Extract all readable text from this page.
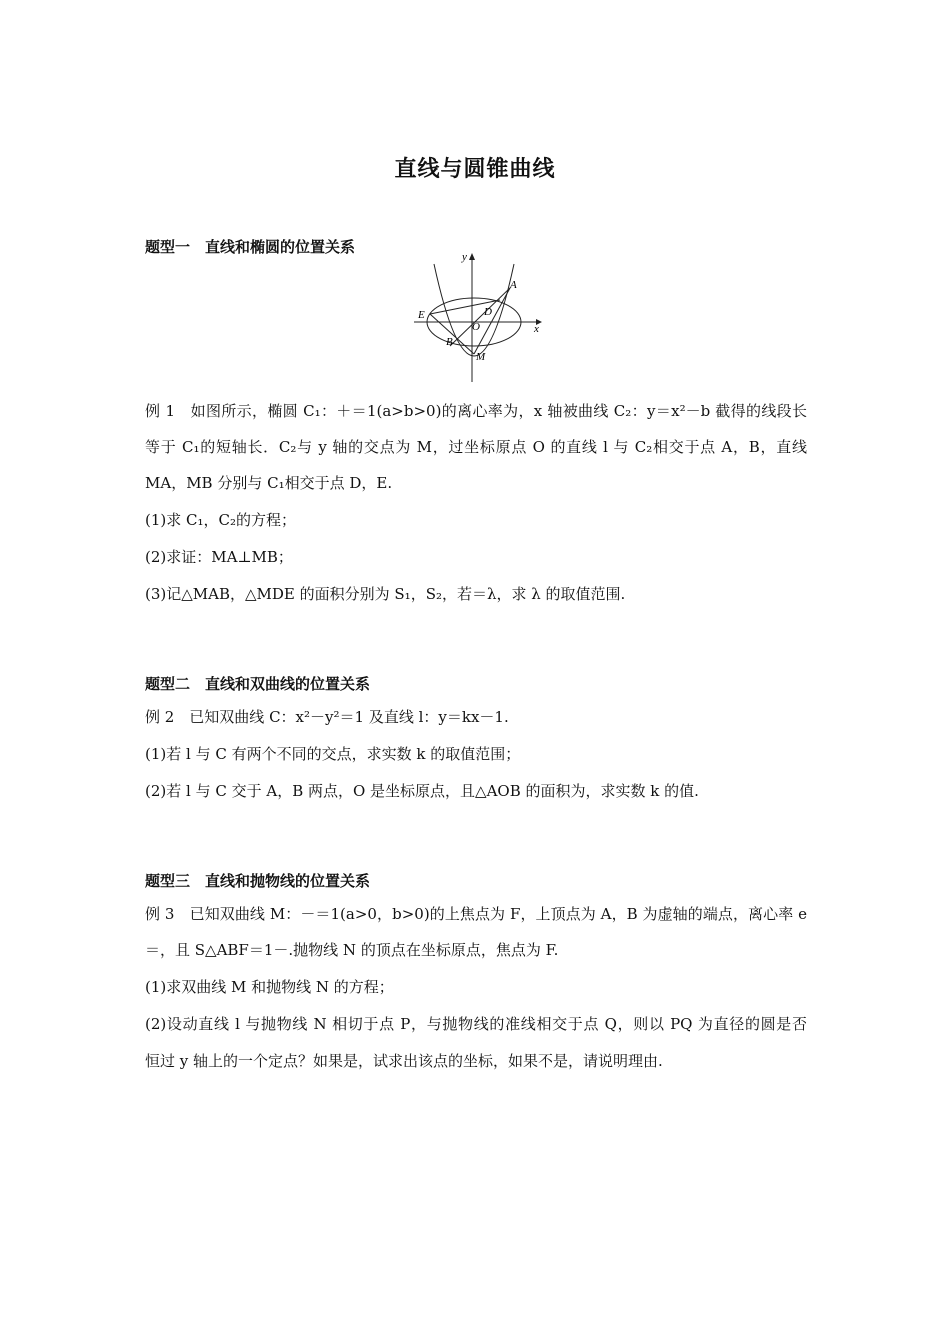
直线与圆锥曲线
题型一　直线和椭圆的位置关系
y
x
A
E	D
O
B
M
例 1　如图所示，椭圆 C₁：＋＝1(a>b>0)的离心率为，x 轴被曲线 C₂：y＝x²－b 截得的线段长
等于 C₁的短轴长．C₂与 y 轴的交点为 M，过坐标原点 O 的直线 l 与 C₂相交于点 A，B，直线
MA，MB 分别与 C₁相交于点 D，E.
(1)求 C₁，C₂的方程；
(2)求证：MA⊥MB；
(3)记△MAB，△MDE 的面积分别为 S₁，S₂，若＝λ，求 λ 的取值范围.
题型二　直线和双曲线的位置关系
例 2　已知双曲线 C：x²－y²＝1 及直线 l：y＝kx－1.
(1)若 l 与 C 有两个不同的交点，求实数 k 的取值范围；
(2)若 l 与 C 交于 A，B 两点，O 是坐标原点，且△AOB 的面积为，求实数 k 的值.
题型三　直线和抛物线的位置关系
例 3　已知双曲线 M：－＝1(a>0，b>0)的上焦点为 F，上顶点为 A，B 为虚轴的端点，离心率 e
＝，且 S△ABF＝1－.抛物线 N 的顶点在坐标原点，焦点为 F.
(1)求双曲线 M 和抛物线 N 的方程；
(2)设动直线 l 与抛物线 N 相切于点 P，与抛物线的准线相交于点 Q，则以 PQ 为直径的圆是否
恒过 y 轴上的一个定点？如果是，试求出该点的坐标，如果不是，请说明理由.
